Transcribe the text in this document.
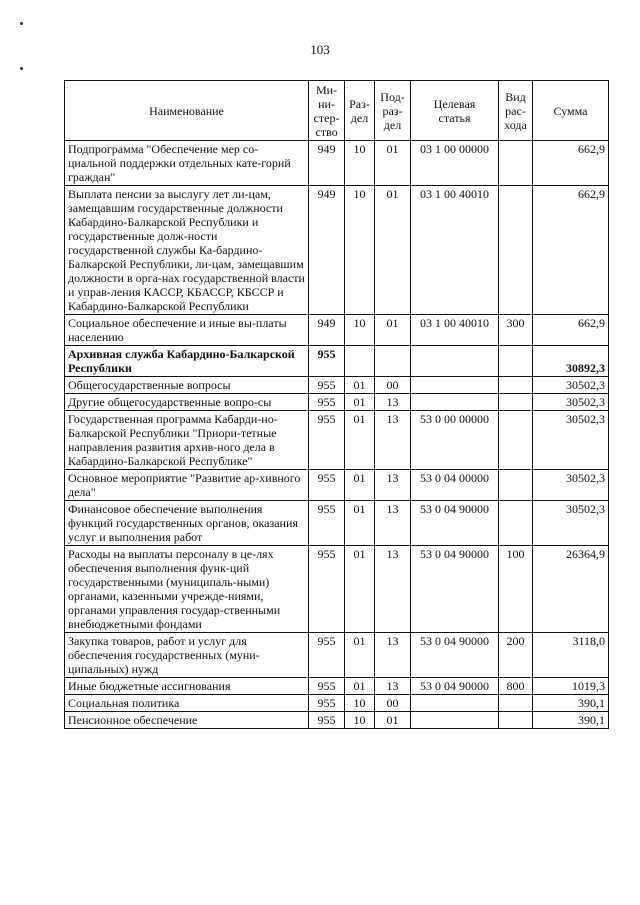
103
Наименование	Ми-
ни-
стер-
ство	Раз-
дел	Под-
раз-
дел	Целевая
статья	Вид
рас-
хода	Сумма
Подпрограмма "Обеспечение мер со-циальной поддержки отдельных кате-горий граждан"	949	10	01	03 1 00 00000		662,9
Выплата пенсии за выслугу лет ли-цам, замещавшим государственные должности Кабардино-Балкарской Республики и государственные долж-ности государственной службы Ка-бардино-Балкарской Республики, ли-цам, замещавшим должности в орга-нах государственной власти и управ-ления КАССР, КБАССР, КБССР и Кабардино-Балкарской Республики	949	10	01	03 1 00 40010		662,9
Социальное обеспечение и иные вы-платы населению	949	10	01	03 1 00 40010	300	662,9
Архивная служба Кабардино-Балкарской Республики	955					30892,3
Общегосударственные вопросы	955	01	00			30502,3
Другие общегосударственные вопро-сы	955	01	13			30502,3
Государственная программа Кабарди-но-Балкарской Республики "Приори-тетные направления развития архив-ного дела в Кабардино-Балкарской Республике"	955	01	13	53 0 00 00000		30502,3
Основное мероприятие "Развитие ар-хивного дела"	955	01	13	53 0 04 00000		30502,3
Финансовое обеспечение выполнения функций государственных органов, оказания услуг и выполнения работ	955	01	13	53 0 04 90000		30502,3
Расходы на выплаты персоналу в це-лях обеспечения выполнения функ-ций государственными (муниципаль-ными) органами, казенными учрежде-ниями, органами управления государ-ственными внебюджетными фондами	955	01	13	53 0 04 90000	100	26364,9
Закупка товаров, работ и услуг для обеспечения государственных (муни-ципальных) нужд	955	01	13	53 0 04 90000	200	3118,0
Иные бюджетные ассигнования	955	01	13	53 0 04 90000	800	1019,3
Социальная политика	955	10	00			390,1
Пенсионное обеспечение	955	10	01			390,1
